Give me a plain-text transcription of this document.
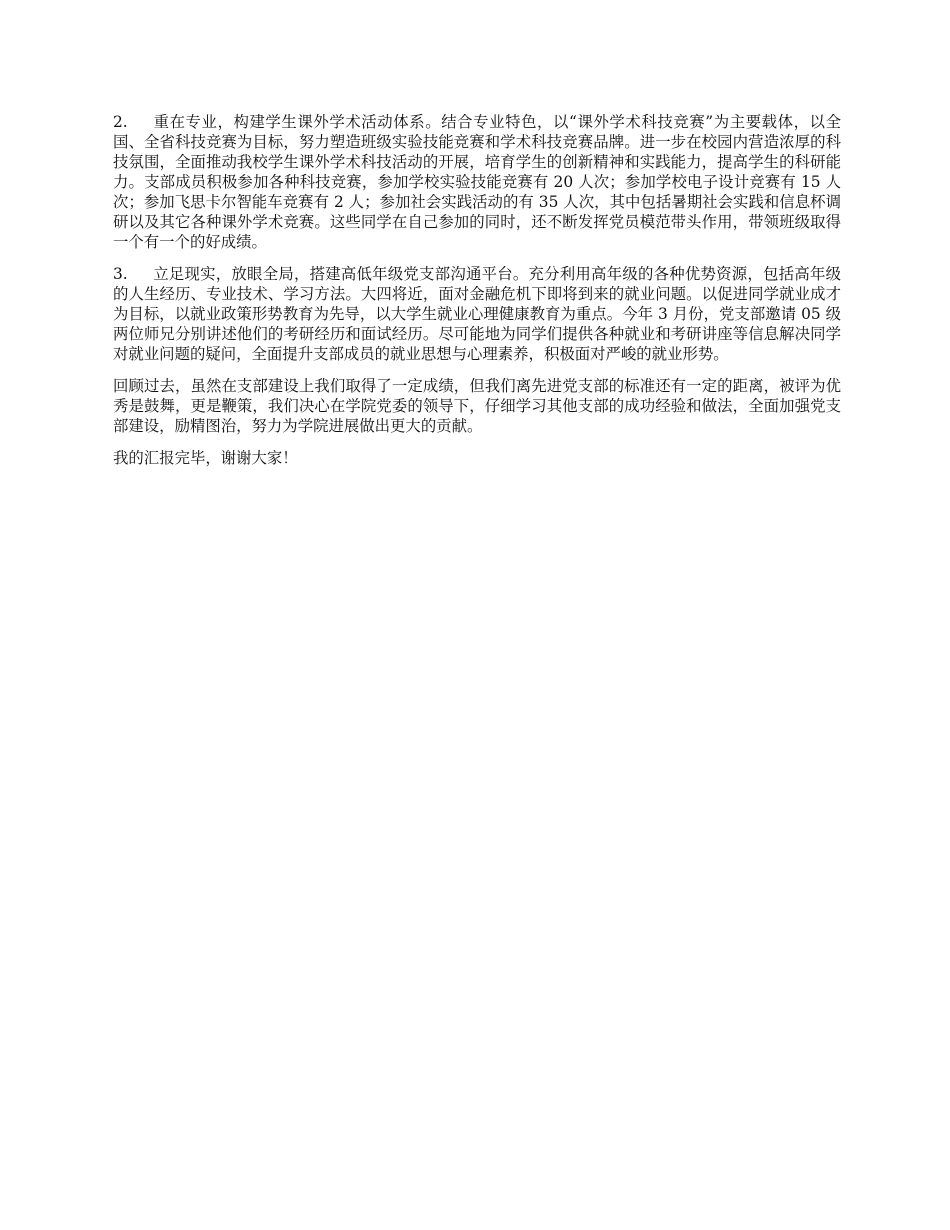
2. 重在专业，构建学生课外学术活动体系。结合专业特色，以“课外学术科技竞赛”为主要载体，以全国、全省科技竞赛为目标，努力塑造班级实验技能竞赛和学术科技竞赛品牌。进一步在校园内营造浓厚的科技氛围，全面推动我校学生课外学术科技活动的开展，培育学生的创新精神和实践能力，提高学生的科研能力。支部成员积极参加各种科技竞赛，参加学校实验技能竞赛有 20 人次；参加学校电子设计竞赛有 15 人次；参加飞思卡尔智能车竞赛有 2 人；参加社会实践活动的有 35 人次，其中包括暑期社会实践和信息杯调研以及其它各种课外学术竞赛。这些同学在自己参加的同时，还不断发挥党员模范带头作用，带领班级取得一个有一个的好成绩。

3. 立足现实，放眼全局，搭建高低年级党支部沟通平台。充分利用高年级的各种优势资源，包括高年级的人生经历、专业技术、学习方法。大四将近，面对金融危机下即将到来的就业问题。以促进同学就业成才为目标，以就业政策形势教育为先导，以大学生就业心理健康教育为重点。今年 3 月份，党支部邀请 05 级两位师兄分别讲述他们的考研经历和面试经历。尽可能地为同学们提供各种就业和考研讲座等信息解决同学对就业问题的疑问，全面提升支部成员的就业思想与心理素养，积极面对严峻的就业形势。

回顾过去，虽然在支部建设上我们取得了一定成绩，但我们离先进党支部的标准还有一定的距离，被评为优秀是鼓舞，更是鞭策，我们决心在学院党委的领导下，仔细学习其他支部的成功经验和做法，全面加强党支部建设，励精图治，努力为学院进展做出更大的贡献。

我的汇报完毕，谢谢大家！
